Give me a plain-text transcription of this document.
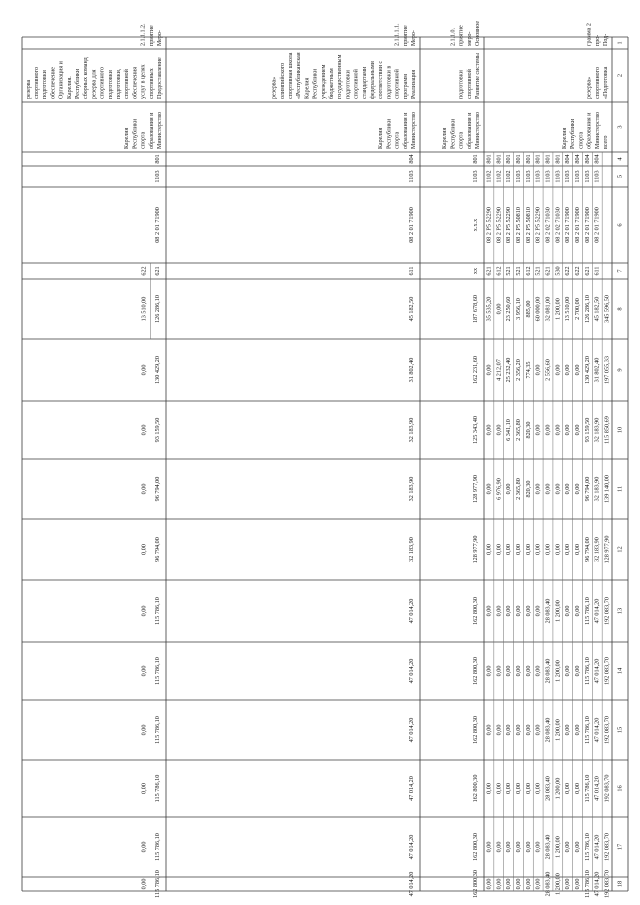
1
2
3
4
5
6
7
8
9
10
11
12
13
14
15
16
17
18
Под-
про-
грамма 2
«Подготовка
спортивного
резерва»
всего
Министерство
образования и
спорта
Республики
Карелия
345 596,50
197 055,33
115 850,69
139 140,00
128 977,90
192 083,70
192 083,70
192 083,70
192 083,70
192 083,70
192 083,70
804
1103
08 2 01 71900
611
45 182,50
31 802,40
32 183,90
32 183,90
32 183,90
47 014,20
47 014,20
47 014,20
47 014,20
47 014,20
47 014,20
804
1103
08 2 01 71900
621
126 286,10
130 429,20
93 159,50
96 794,00
96 794,00
115 786,10
115 786,10
115 786,10
115 786,10
115 786,10
115 786,10
804
1103
08 2 01 71900
622
2 700,00
0,00
0,00
0,00
0,00
0,00
0,00
0,00
0,00
0,00
0,00
804
1103
08 2 01 71900
622
13 510,00
0,00
0,00
0,00
0,00
0,00
0,00
0,00
0,00
0,00
0,00
801
1103
08 2 02 71030
530
1 200,00
0,00
0,00
0,00
0,00
1 200,00
1 200,00
1 200,00
1 200,00
1 200,00
1 200,00
801
1103
08 2 02 71030
621
32 081,00
2 556,60
0,00
0,00
0,00
28 083,40
28 083,40
28 083,40
28 083,40
28 083,40
28 083,40
801
1103
08 2 P5 52290
521
60 000,00
0,00
0,00
0,00
0,00
0,00
0,00
0,00
0,00
0,00
0,00
801
1103
08 2 P5 50810
612
885,00
774,35
820,30
820,30
0,00
0,00
0,00
0,00
0,00
0,00
0,00
801
1103
08 2 P5 50810
521
3 956,10
2 356,20
2 365,80
2 365,80
0,00
0,00
0,00
0,00
0,00
0,00
0,00
801
1102
08 2 P5 52290
521
23 250,60
25 232,40
6 341,10
0,00
0,00
0,00
0,00
0,00
0,00
0,00
0,00
801
1102
08 2 P5 52290
612
0,00
4 212,07
0,00
6 976,90
0,00
0,00
0,00
0,00
0,00
0,00
0,00
801
1102
08 2 P5 52290
621
35 535,20
0,00
0,00
0,00
0,00
0,00
0,00
0,00
0,00
0,00
0,00
Основное
меро-
приятие
2.1.1.0.
Развитие системы
спортивной
подготовки
Министерство
образования и
спорта
Республики
Карелия
801
1103
х.х.х
хх
187 678,60
162 231,60
125 343,40
128 977,90
128 977,90
162 800,30
162 800,30
162 800,30
162 800,30
162 800,30
162 800,30
Меро-
приятие
2.1.1.1.1.
Реализация
программ
спортивной
подготовки в
соответствии с
федеральными
стандартами
спортивной
подготовки
государственным
бюджетным
учреждением
Республики
Карелия
«Республиканская
спортивная школа
олимпийского
резерва»
Министерство
образования и
спорта
Республики
Карелия
804
1103
08 2 01 71900
611
45 182,50
31 802,40
32 183,90
32 183,90
32 183,90
47 014,20
47 014,20
47 014,20
47 014,20
47 014,20
47 014,20
Меро-
приятие
2.1.1.1.2.
Предоставление
спортивных
услуг в целях
обеспечения
спортивной
подготовки,
подготовки
спортивного
резерва для
сборных команд
Республики
Карелия.
Организация и
обеспечение
подготовки
спортивного
резерва
Министерство
образования и
спорта
Республики
Карелия
801
1103
08 2 01 71900
621
126 286,10
130 429,20
93 159,50
96 794,00
96 794,00
115 786,10
115 786,10
115 786,10
115 786,10
115 786,10
115 786,10
622
13 510,00
0,00
0,00
0,00
0,00
0,00
0,00
0,00
0,00
0,00
0,00
